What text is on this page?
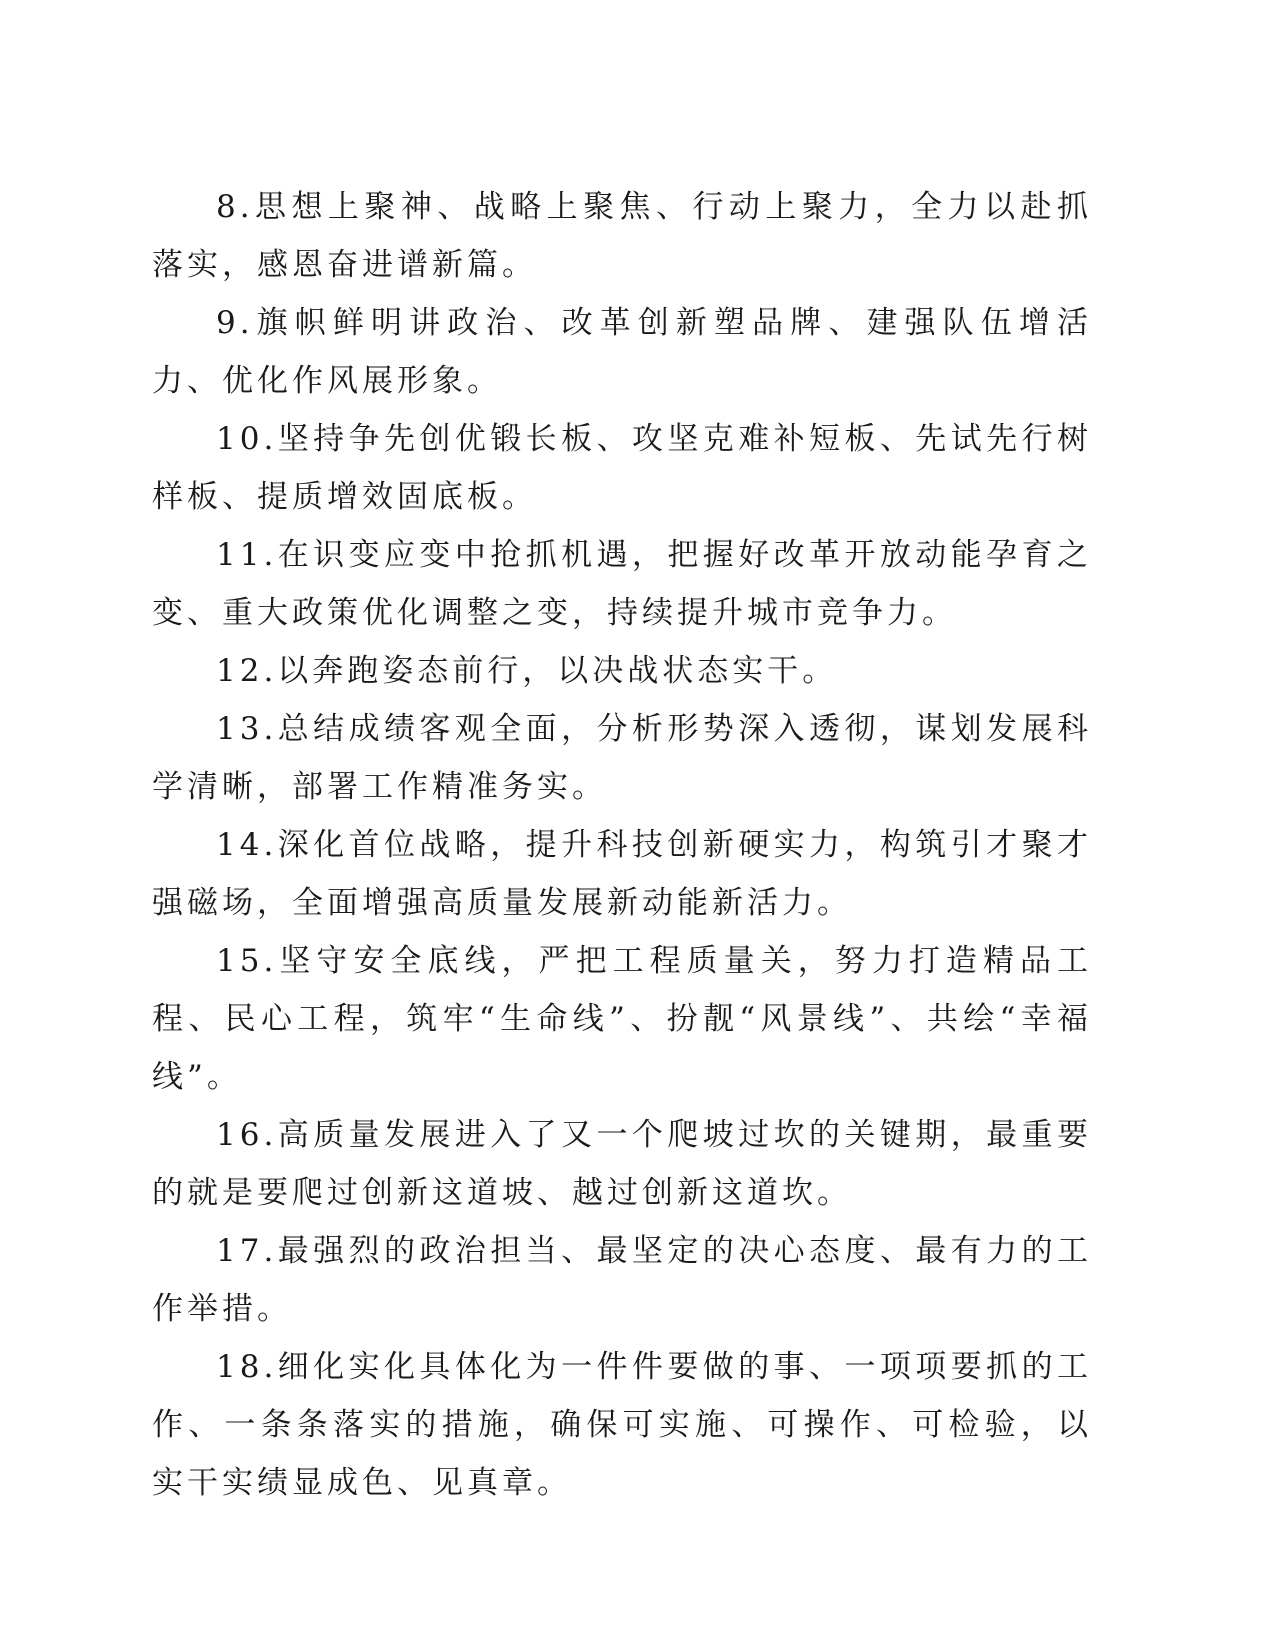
8.思想上聚神、战略上聚焦、行动上聚力，全力以赴抓落实，感恩奋进谱新篇。

9.旗帜鲜明讲政治、改革创新塑品牌、建强队伍增活力、优化作风展形象。

10.坚持争先创优锻长板、攻坚克难补短板、先试先行树样板、提质增效固底板。

11.在识变应变中抢抓机遇，把握好改革开放动能孕育之变、重大政策优化调整之变，持续提升城市竞争力。

12.以奔跑姿态前行，以决战状态实干。

13.总结成绩客观全面，分析形势深入透彻，谋划发展科学清晰，部署工作精准务实。

14.深化首位战略，提升科技创新硬实力，构筑引才聚才强磁场，全面增强高质量发展新动能新活力。

15.坚守安全底线，严把工程质量关，努力打造精品工程、民心工程，筑牢“生命线”、扮靓“风景线”、共绘“幸福线”。

16.高质量发展进入了又一个爬坡过坎的关键期，最重要的就是要爬过创新这道坡、越过创新这道坎。

17.最强烈的政治担当、最坚定的决心态度、最有力的工作举措。

18.细化实化具体化为一件件要做的事、一项项要抓的工作、一条条落实的措施，确保可实施、可操作、可检验，以实干实绩显成色、见真章。
